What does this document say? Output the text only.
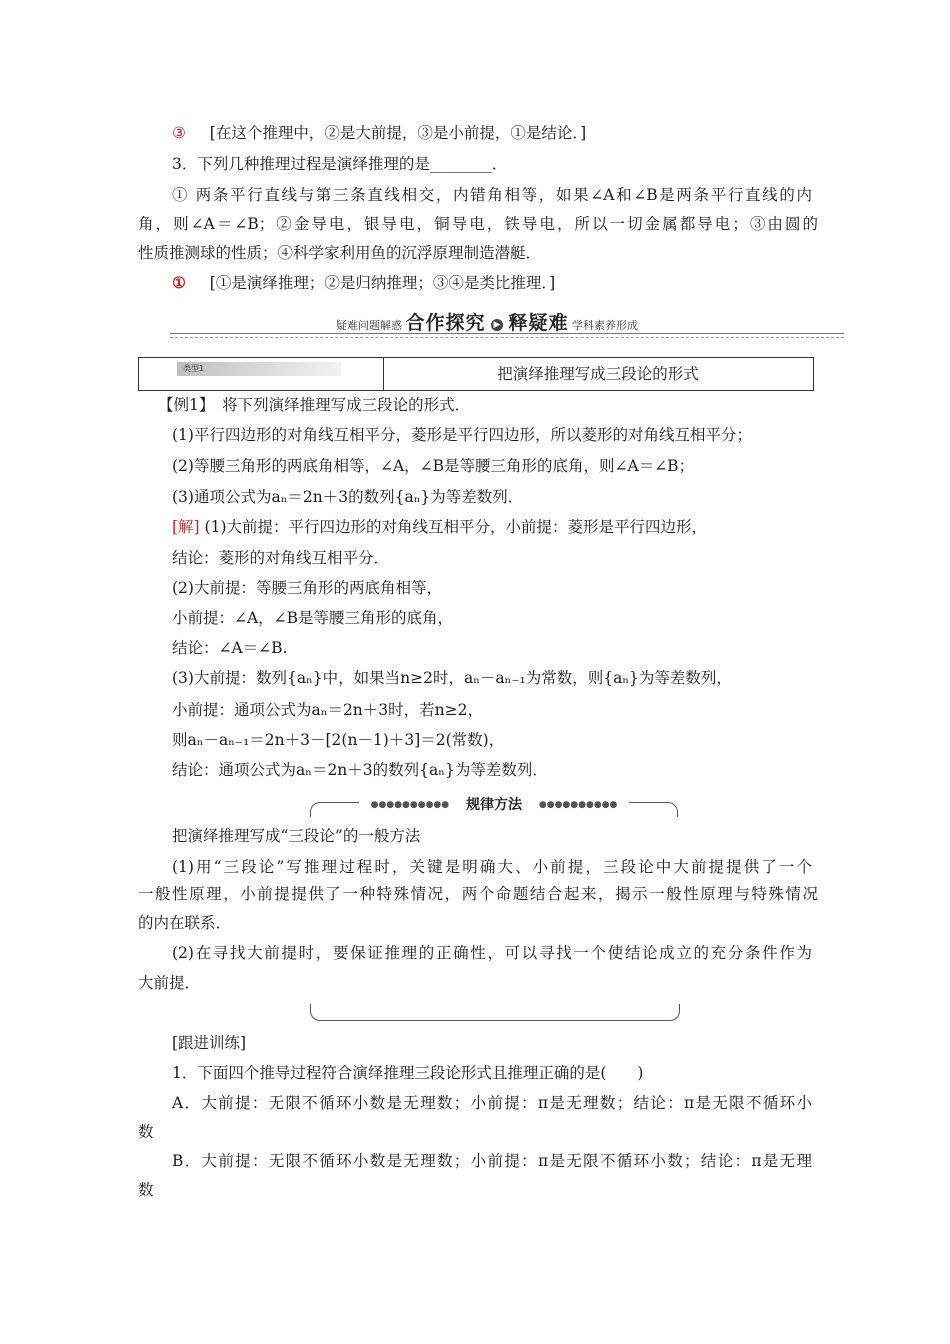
③ [在这个推理中，②是大前提，③是小前提，①是结论．]
3．下列几种推理过程是演绎推理的是________．
① 两条平行直线与第三条直线相交，内错角相等，如果∠A和∠B是两条平行直线的内
角，则∠A＝∠B；②金导电，银导电，铜导电，铁导电，所以一切金属都导电；③由圆的
性质推测球的性质；④科学家利用鱼的沉浮原理制造潜艇．
① [①是演绎推理；②是归纳推理；③④是类比推理．]
疑难问题解惑 合作探究 ▶ 释疑难 学科素养形成
类型1	把演绎推理写成三段论的形式
【例1】　将下列演绎推理写成三段论的形式．
(1)平行四边形的对角线互相平分，菱形是平行四边形，所以菱形的对角线互相平分；
(2)等腰三角形的两底角相等，∠A，∠B是等腰三角形的底角，则∠A＝∠B；
(3)通项公式为aₙ＝2n＋3的数列{aₙ}为等差数列．
[解] (1)大前提：平行四边形的对角线互相平分，小前提：菱形是平行四边形，
结论：菱形的对角线互相平分．
(2)大前提：等腰三角形的两底角相等，
小前提：∠A，∠B是等腰三角形的底角，
结论：∠A＝∠B.
(3)大前提：数列{aₙ}中，如果当n≥2时，aₙ－aₙ₋₁为常数，则{aₙ}为等差数列，
小前提：通项公式为aₙ＝2n＋3时，若n≥2，
则aₙ－aₙ₋₁＝2n＋3－[2(n－1)＋3]＝2(常数)，
结论：通项公式为aₙ＝2n＋3的数列{aₙ}为等差数列．
●●●●●●●●●● 规律方法 ●●●●●●●●●●
把演绎推理写成“三段论”的一般方法
(1)用“三段论”写推理过程时，关键是明确大、小前提，三段论中大前提提供了一个
一般性原理，小前提提供了一种特殊情况，两个命题结合起来，揭示一般性原理与特殊情况
的内在联系．
(2)在寻找大前提时，要保证推理的正确性，可以寻找一个使结论成立的充分条件作为
大前提．
[跟进训练]
1．下面四个推导过程符合演绎推理三段论形式且推理正确的是(　　)
A．大前提：无限不循环小数是无理数；小前提：π是无理数；结论：π是无限不循环小
数
B．大前提：无限不循环小数是无理数；小前提：π是无限不循环小数；结论：π是无理
数
